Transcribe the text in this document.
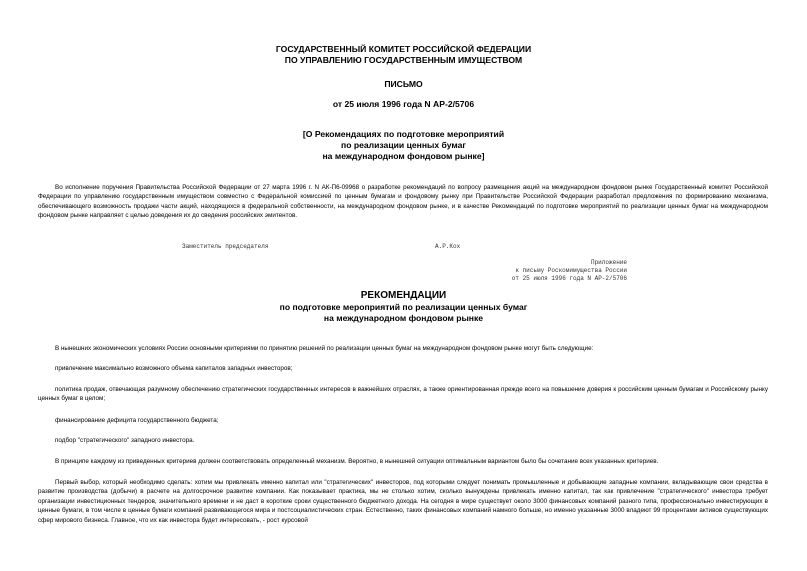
ГОСУДАРСТВЕННЫЙ КОМИТЕТ РОССИЙСКОЙ ФЕДЕРАЦИИ
ПО УПРАВЛЕНИЮ ГОСУДАРСТВЕННЫМ ИМУЩЕСТВОМ
ПИСЬМО
от 25 июля 1996 года N АР-2/5706
[О Рекомендациях по подготовке мероприятий
по реализации ценных бумаг
на международном фондовом рынке]
Во исполнение поручения Правительства Российской Федерации от 27 марта 1996 г. N АК-П6-09968 о разработке рекомендаций по вопросу размещения акций на международном фондовом рынке Государственный комитет Российской Федерации по управлению государственным имуществом совместно с Федеральной комиссией по ценным бумагам и фондовому рынку при Правительстве Российской Федерации разработал предложения по формированию механизма, обеспечивающего возможность продажи части акций, находящихся в федеральной собственности, на международном фондовом рынке, и в качестве Рекомендаций по подготовке мероприятий по реализации ценных бумаг на международном фондовом рынке направляет с целью доведения их до сведения российских эмитентов.
Заместитель председателя	А.Р.Кох
Приложение
к письму Роскомимущества России
от 25 июля 1996 года N АР-2/5706
РЕКОМЕНДАЦИИ
по подготовке мероприятий по реализации ценных бумаг
на международном фондовом рынке
В нынешних экономических условиях России основными критериями по принятию решений по реализации ценных бумаг на международном фондовом рынке могут быть следующие:
привлечение максимально возможного объема капиталов западных инвесторов;
политика продаж, отвечающая разумному обеспечению стратегических государственных интересов в важнейших отраслях, а также ориентированная прежде всего на повышение доверия к российским ценным бумагам и Российскому рынку ценных бумаг в целом;
финансирование дефицита государственного бюджета;
подбор "стратегического" западного инвестора.
В принципе каждому из приведенных критериев должен соответствовать определенный механизм. Вероятно, в нынешней ситуации оптимальным вариантом было бы сочетание всех указанных критериев.
Первый выбор, который необходимо сделать: хотим мы привлекать именно капитал или "стратегических" инвесторов, под которыми следует понимать промышленные и добывающие западные компании, вкладывающие свои средства в развитие производства (добычи) в расчете на долгосрочное развитие компании. Как показывает практика, мы не столько хотим, сколько вынуждены привлекать именно капитал, так как привлечение "стратегического" инвестора требует организации инвестиционных тендеров, значительного времени и не даст в короткие сроки существенного бюджетного дохода. На сегодня в мире существует около 3000 финансовых компаний разного типа, профессионально инвестирующих в ценные бумаги, в том числе в ценные бумаги компаний развивающегося мира и постсоциалистических стран. Естественно, таких финансовых компаний намного больше, но именно указанные 3000 владеют 99 процентами активов существующих сфер мирового бизнеса. Главное, что их как инвестора будет интересовать, - рост курсовой
